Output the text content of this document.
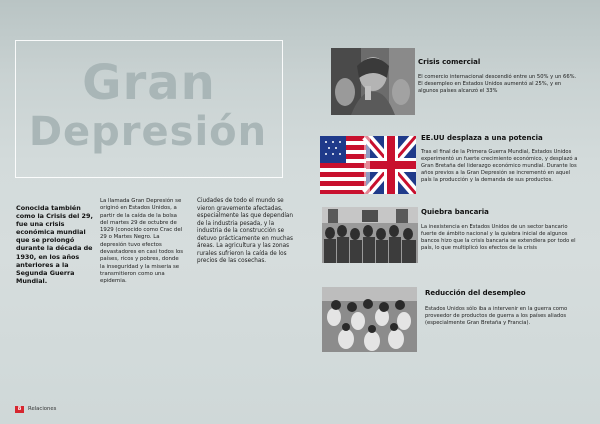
Gran
Depresión
Conocida también como la Crisis del 29, fue una crisis económica mundial que se prolongó durante la década de 1930, en los años anteriores a la Segunda Guerra Mundial.
La llamada Gran Depresión se originó en Estados Unidos, a partir de la caída de la bolsa del martes 29 de octubre de 1929 (conocido como Crac del 29 o Martes Negro. La depresión tuvo efectos devastadores en casi todos los países, ricos y pobres, donde la inseguridad y la miseria se transmitieron como una epidemia.
Ciudades de todo el mundo se vieron gravemente afectadas, especialmente las que dependían de la industria pesada, y la industria de la construcción se detuvo prácticamente en muchas áreas. La agricultura y las zonas rurales sufrieron la caída de los precios de las cosechas.
Crisis comercial
El comercio internacional descendió entre un 50% y un 66%. El desempleo en Estados Unidos aumentó al 25%, y en algunos países alcanzó el 33%
EE.UU desplaza a una potencia
Tras el final de la Primera Guerra Mundial, Estados Unidos experimentó un fuerte crecimiento económico, y desplazó a Gran Bretaña del liderazgo económico mundial. Durante los años previos a la Gran Depresión se incrementó en aquel país la producción y la demanda de sus productos.
Quiebra bancaria
La inexistencia en Estados Unidos de un sector bancario fuerte de ámbito nacional y la quiebra inicial de algunos bancos hizo que la crisis bancaria se extendiera por todo el país, lo que multiplicó los efectos de la crisis
Reducción del desempleo
Estados Unidos sólo iba a intervenir en la guerra como proveedor de productos de guerra a los países aliados (especialmente Gran Bretaña y Francia).
8	Relaciones
